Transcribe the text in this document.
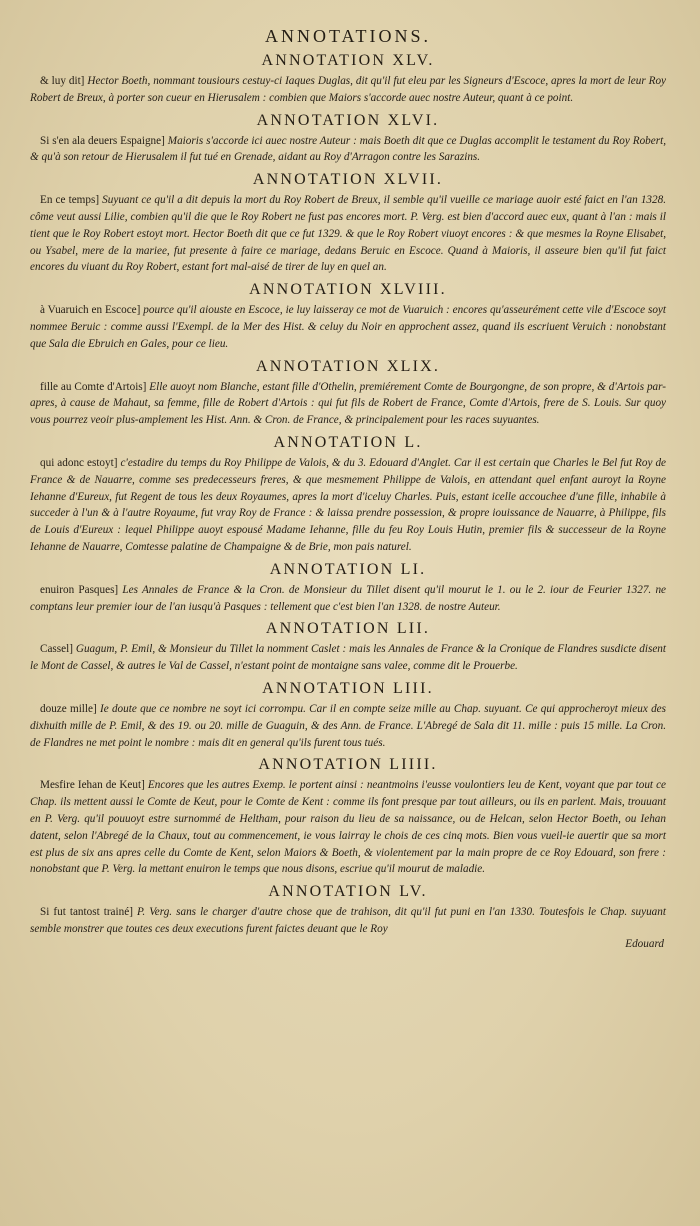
ANNOTATIONS.
ANNOTATION XLV.

& luy dit] Hector Boeth, nommant tousiours cestuy-ci Iaques Duglas, dit qu'il fut eleu par les Signeurs d'Escoce, apres la mort de leur Roy Robert de Breux, à porter son cueur en Hierusalem : combien que Maiors s'accorde auec nostre Auteur, quant à ce point.

ANNOTATION XLVI.

Si s'en ala deuers Espaigne] Maioris s'accorde ici auec nostre Auteur : mais Boeth dit que ce Duglas accomplit le testament du Roy Robert, & qu'à son retour de Hierusalem il fut tué en Grenade, aidant au Roy d'Arragon contre les Sarazins.

ANNOTATION XLVII.

En ce temps] Suyuant ce qu'il a dit depuis la mort du Roy Robert de Breux, il semble qu'il vueille ce mariage auoir esté faict en l'an 1328. côme veut aussi Lilie, combien qu'il die que le Roy Robert ne fust pas encores mort. P. Verg. est bien d'accord auec eux, quant à l'an : mais il tient que le Roy Robert estoyt mort. Hector Boeth dit que ce fut 1329. & que le Roy Robert viuoyt encores : & que mesmes la Royne Elisabet, ou Ysabel, mere de la mariee, fut presente à faire ce mariage, dedans Beruic en Escoce. Quand à Maioris, il asseure bien qu'il fut faict encores du viuant du Roy Robert, estant fort mal-aisé de tirer de luy en quel an.

ANNOTATION XLVIII.

à Vuaruich en Escoce] pource qu'il aiouste en Escoce, ie luy laisseray ce mot de Vuaruich : encores qu'asseurément cette vile d'Escoce soyt nommee Beruic : comme aussi l'Exempl. de la Mer des Hist. & celuy du Noir en approchent assez, quand ils escriuent Veruich : nonobstant que Sala die Ebruich en Gales, pour ce lieu.

ANNOTATION XLIX.

fille au Comte d'Artois] Elle auoyt nom Blanche, estant fille d'Othelin, premiérement Comte de Bourgongne, de son propre, & d'Artois par-apres, à cause de Mahaut, sa femme, fille de Robert d'Artois : qui fut fils de Robert de France, Comte d'Artois, frere de S. Louis. Sur quoy vous pourrez veoir plus-amplement les Hist. Ann. & Cron. de France, & principalement pour les races suyuantes.

ANNOTATION L.

qui adonc estoyt] c'estadire du temps du Roy Philippe de Valois, & du 3. Edouard d'Anglet. Car il est certain que Charles le Bel fut Roy de France & de Nauarre, comme ses predecesseurs freres, & que mesmement Philippe de Valois, en attendant quel enfant auroyt la Royne Iehanne d'Eureux, fut Regent de tous les deux Royaumes, apres la mort d'iceluy Charles. Puis, estant icelle accouchee d'une fille, inhabile à succeder à l'un & à l'autre Royaume, fut vray Roy de France : & laissa prendre possession, & propre iouissance de Nauarre, à Philippe, fils de Louis d'Eureux : lequel Philippe auoyt espousé Madame Iehanne, fille du feu Roy Louis Hutin, premier fils & successeur de la Royne Iehanne de Nauarre, Comtesse palatine de Champaigne & de Brie, mon pais naturel.

ANNOTATION LI.

enuiron Pasques] Les Annales de France & la Cron. de Monsieur du Tillet disent qu'il mourut le 1. ou le 2. iour de Feurier 1327. ne comptans leur premier iour de l'an iusqu'à Pasques : tellement que c'est bien l'an 1328. de nostre Auteur.

ANNOTATION LII.

Cassel] Guagum, P. Emil, & Monsieur du Tillet la nomment Caslet : mais les Annales de France & la Cronique de Flandres susdicte disent le Mont de Cassel, & autres le Val de Cassel, n'estant point de montaigne sans valee, comme dit le Prouerbe.

ANNOTATION LIII.

douze mille] Ie doute que ce nombre ne soyt ici corrompu. Car il en compte seize mille au Chap. suyuant. Ce qui approcheroyt mieux des dixhuith mille de P. Emil, & des 19. ou 20. mille de Guaguin, & des Ann. de France. L'Abregé de Sala dit 11. mille : puis 15 mille. La Cron. de Flandres ne met point le nombre : mais dit en general qu'ils furent tous tués.

ANNOTATION LIIII.

Mesfire Iehan de Keut] Encores que les autres Exemp. le portent ainsi : neantmoins i'eusse voulontiers leu de Kent, voyant que par tout ce Chap. ils mettent aussi le Comte de Keut, pour le Comte de Kent : comme ils font presque par tout ailleurs, ou ils en parlent. Mais, trouuant en P. Verg. qu'il pouuoyt estre surnommé de Heltham, pour raison du lieu de sa naissance, ou de Helcan, selon Hector Boeth, ou Iehan datent, selon l'Abregé de la Chaux, tout au commencement, ie vous lairray le chois de ces cinq mots. Bien vous vueil-ie auertir que sa mort est plus de six ans apres celle du Comte de Kent, selon Maiors & Boeth, & violentement par la main propre de ce Roy Edouard, son frere : nonobstant que P. Verg. la mettant enuiron le temps que nous disons, escriue qu'il mourut de maladie.

ANNOTATION LV.

Si fut tantost trainé] P. Verg. sans le charger d'autre chose que de trahison, dit qu'il fut puni en l'an 1330. Toutesfois le Chap. suyuant semble monstrer que toutes ces deux executions furent faictes deuant que le Roy

Edouard
